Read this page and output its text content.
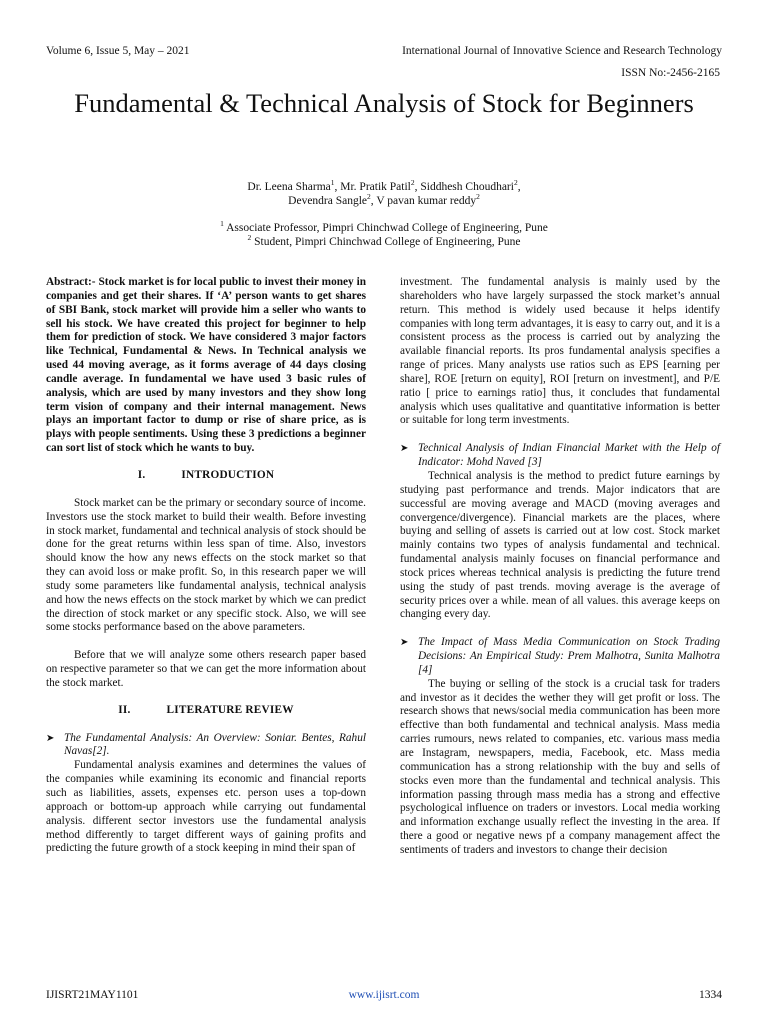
Volume 6, Issue 5, May – 2021	International Journal of Innovative Science and Research Technology
ISSN No:-2456-2165
Fundamental & Technical Analysis of Stock for Beginners
Dr. Leena Sharma$^1$, Mr. Pratik Patil$^2$, Siddhesh Choudhari$^2$,
Devendra Sangle$^2$, V pavan kumar reddy$^2$
$^1$ Associate Professor, Pimpri Chinchwad College of Engineering, Pune
$^2$ Student, Pimpri Chinchwad College of Engineering, Pune

Abstract:- Stock market is for local public to invest their money in companies and get their shares. If ‘A’ person wants to get shares of SBI Bank, stock market will provide him a seller who wants to sell his stock. We have created this project for beginner to help them for prediction of stock. We have considered 3 major factors like Technical, Fundamental & News. In Technical analysis we used 44 moving average, as it forms average of 44 days closing candle average. In fundamental we have used 3 basic rules of analysis, which are used by many investors and they show long term vision of company and their internal management. News plays an important factor to dump or rise of share price, as is plays with people sentiments. Using these 3 predictions a beginner can sort list of stock which he wants to buy.

I.	INTRODUCTION

Stock market can be the primary or secondary source of income. Investors use the stock market to build their wealth. Before investing in stock market, fundamental and technical analysis of stock should be done for the great returns within less span of time. Also, investors should know the how any news effects on the stock market so that they can avoid loss or make profit. So, in this research paper we will study some parameters like fundamental analysis, technical analysis and how the news effects on the stock market by which we can predict the direction of stock market or any specific stock. Also, we will see some stocks performance based on the above parameters.

Before that we will analyze some others research paper based on respective parameter so that we can get the more information about the stock market.

II.	LITERATURE REVIEW

➤ The Fundamental Analysis: An Overview: Soniar. Bentes, Rahul Navas[2].

Fundamental analysis examines and determines the values of the companies while examining its economic and financial reports such as liabilities, assets, expenses etc. person uses a top-down approach or bottom-up approach while carrying out fundamental analysis. different sector investors use the fundamental analysis method differently to target different ways of gaining profits and predicting the future growth of a stock keeping in mind their span of

investment. The fundamental analysis is mainly used by the shareholders who have largely surpassed the stock market’s annual return. This method is widely used because it helps identify companies with long term advantages, it is easy to carry out, and it is a consistent process as the process is carried out by analyzing the available financial reports. Its pros fundamental analysis specifies a range of prices. Many analysts use ratios such as EPS [earning per share], ROE [return on equity], ROI [return on investment], and P/E ratio [ price to earnings ratio] thus, it concludes that fundamental analysis which uses qualitative and quantitative information is better or suitable for long term investments.

➤ Technical Analysis of Indian Financial Market with the Help of Indicator: Mohd Naved [3]

Technical analysis is the method to predict future earnings by studying past performance and trends. Major indicators that are successful are moving average and MACD (moving averages and convergence/divergence). Financial markets are the places, where buying and selling of assets is carried out at low cost. Stock market mainly contains two types of analysis fundamental and technical. fundamental analysis mainly focuses on financial performance and stock prices whereas technical analysis is predicting the future trend using the study of past trends. moving average is the average of security prices over a while. mean of all values. this average keeps on changing every day.

➤ The Impact of Mass Media Communication on Stock Trading Decisions: An Empirical Study: Prem Malhotra, Sunita Malhotra [4]

The buying or selling of the stock is a crucial task for traders and investor as it decides the wether they will get profit or loss. The research shows that news/social media communication has been more effective than both fundamental and technical analysis. Mass media carries rumours, news related to companies, etc. various mass media are Instagram, newspapers, media, Facebook, etc. Mass media communication has a strong relationship with the buy and sells of stocks even more than the fundamental and technical analysis. This information passing through mass media has a strong and effective psychological influence on traders or investors. Local media working and information exchange usually reflect the investing in the area. If there a good or negative news pf a company management affect the sentiments of traders and investors to change their decision

IJISRT21MAY1101	www.ijisrt.com	1334
